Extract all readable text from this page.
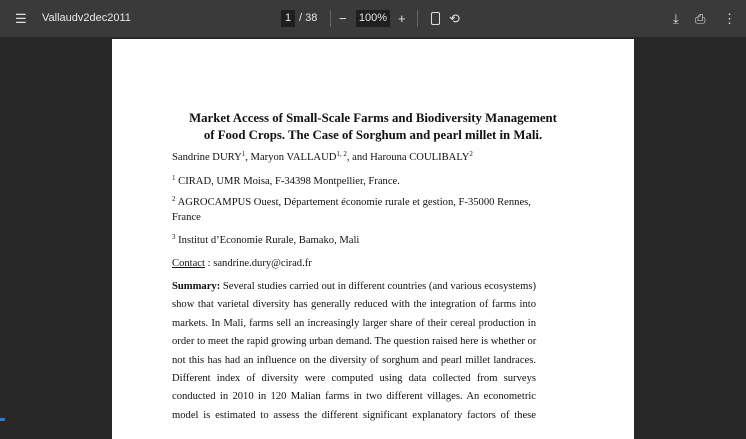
☰ Vallaudv2dec2011	1 / 38 − 100% +	⟲	⤓ ⎙ ⋮
Market Access of Small-Scale Farms and Biodiversity Management
of Food Crops. The Case of Sorghum and pearl millet in Mali.
Sandrine DURY$^1$, Maryon VALLAUD$^{1, 2}$, and Harouna COULIBALY$^2$
$^1$ CIRAD, UMR Moisa, F-34398 Montpellier, France.
$^2$ AGROCAMPUS Ouest, Département économie rurale et gestion, F-35000 Rennes,
France
$^3$ Institut d’Economie Rurale, Bamako, Mali
Contact : sandrine.dury@cirad.fr
Summary: Several studies carried out in different countries (and various ecosystems)
show that varietal diversity has generally reduced with the integration of farms into
markets. In Mali, farms sell an increasingly larger share of their cereal production in
order to meet the rapid growing urban demand. The question raised here is whether or
not this has had an influence on the diversity of sorghum and pearl millet landraces.
Different index of diversity were computed using data collected from surveys
conducted in 2010 in 120 Malian farms in two different villages. An econometric
model is estimated to assess the different significant explanatory factors of these
